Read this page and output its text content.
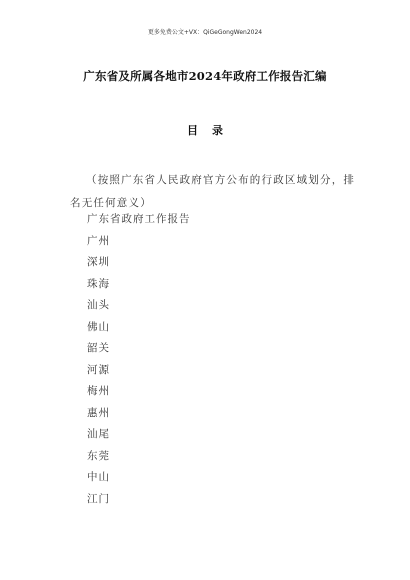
更多免费公文+VX：QiGeGongWen2024
广东省及所属各地市2024年政府工作报告汇编
目录
（按照广东省人民政府官方公布的行政区域划分，排名无任何意义）
广东省政府工作报告
广州
深圳
珠海
汕头
佛山
韶关
河源
梅州
惠州
汕尾
东莞
中山
江门
